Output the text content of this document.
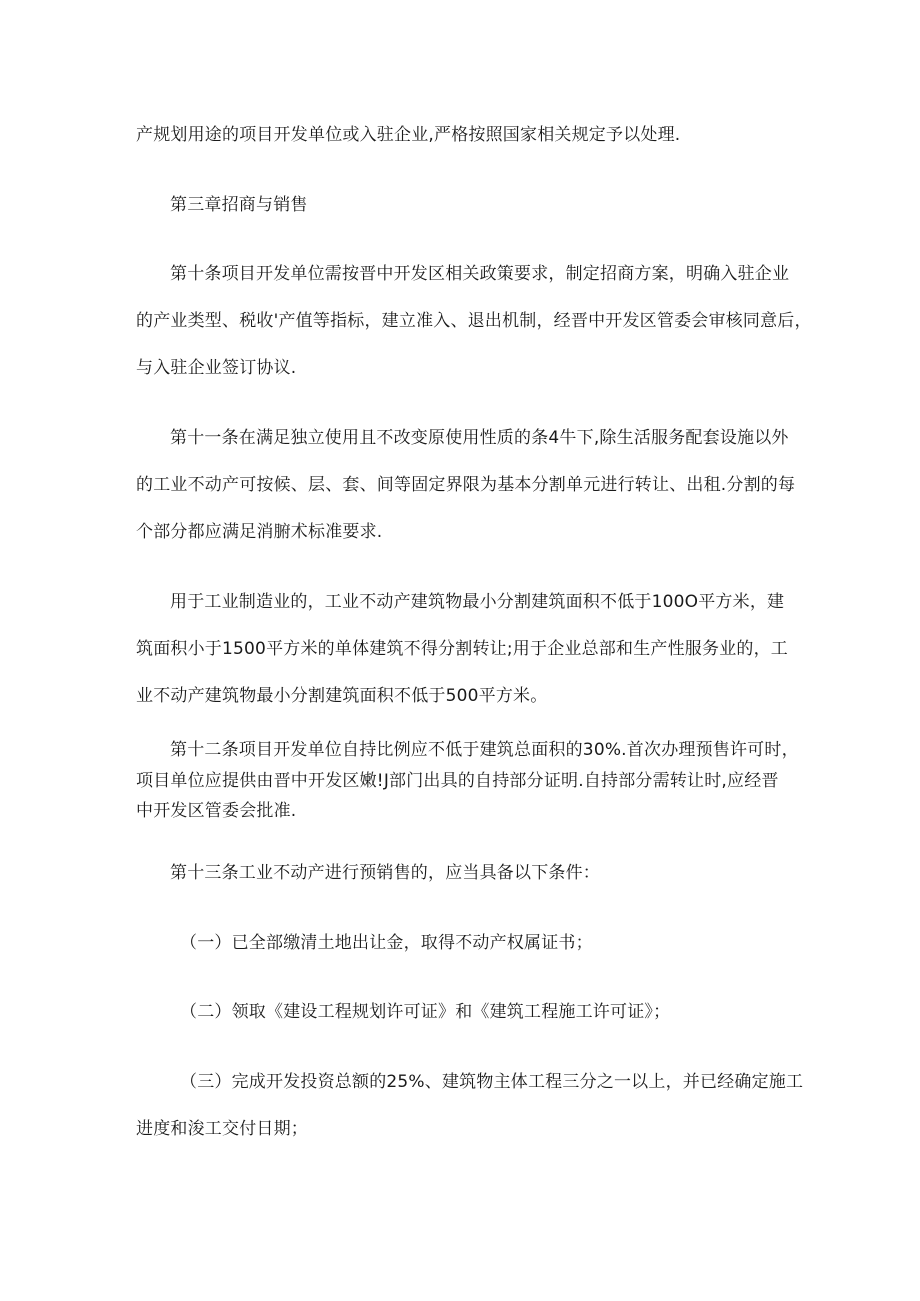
产规划用途的项目开发单位或入驻企业,严格按照国家相关规定予以处理.
第三章招商与销售
第十条项目开发单位需按晋中开发区相关政策要求，制定招商方案，明确入驻企业
的产业类型、税收'产值等指标，建立准入、退出机制，经晋中开发区管委会审核同意后，
与入驻企业签订协议.
第十一条在满足独立使用且不改变原使用性质的条4牛下,除生活服务配套设施以外
的工业不动产可按候、层、套、间等固定界限为基本分割单元进行转让、出租.分割的每
个部分都应满足消腑术标准要求.
用于工业制造业的，工业不动产建筑物最小分割建筑面积不低于100O平方米，建
筑面积小于1500平方米的单体建筑不得分割转让;用于企业总部和生产性服务业的，工
业不动产建筑物最小分割建筑面积不低于500平方米。
第十二条项目开发单位自持比例应不低于建筑总面积的30%.首次办理预售许可时，
项目单位应提供由晋中开发区嫩!J部门出具的自持部分证明.自持部分需转让时,应经晋
中开发区管委会批准.
第十三条工业不动产进行预销售的，应当具备以下条件：
（一）已全部缴清土地出让金，取得不动产权属证书；
（二）领取《建设工程规划许可证》和《建筑工程施工许可证》；
（三）完成开发投资总额的25%、建筑物主体工程三分之一以上，并已经确定施工
进度和浚工交付日期；
